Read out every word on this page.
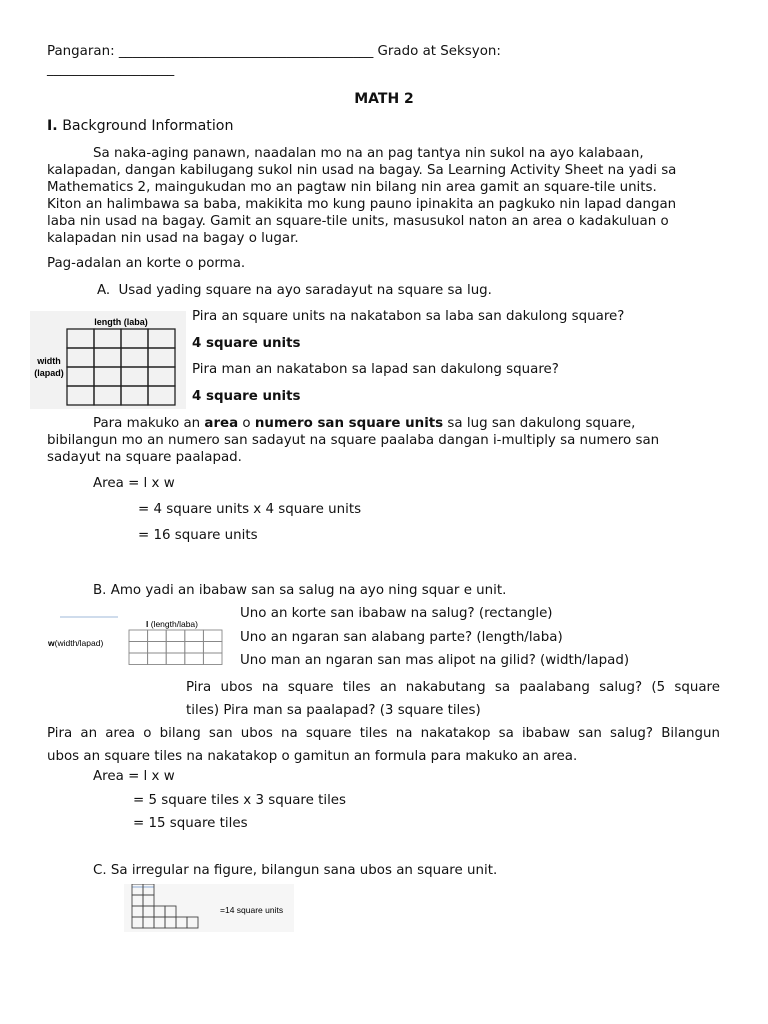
Pangaran: ______________________________________ Grado at Seksyon:
___________________
MATH 2
I. Background Information
Sa naka-aging panawn, naadalan mo na an pag tantya nin sukol na ayo kalabaan,
kalapadan, dangan kabilugang sukol nin usad na bagay. Sa Learning Activity Sheet na yadi sa
Mathematics 2, maingukudan mo an pagtaw nin bilang nin area gamit an square-tile units.
Kiton an halimbawa sa baba, makikita mo kung pauno ipinakita an pagkuko nin lapad dangan
laba nin usad na bagay. Gamit an square-tile units, masusukol naton an area o kadakuluan o
kalapadan nin usad na bagay o lugar.
Pag-adalan an korte o porma.
A. Usad yading square na ayo saradayut na square sa lug.
length (laba)
width
(lapad)
Pira an square units na nakatabon sa laba san dakulong square?
4 square units
Pira man an nakatabon sa lapad san dakulong square?
4 square units
Para makuko an area o numero san square units sa lug san dakulong square,
bibilangun mo an numero san sadayut na square paalaba dangan i-multiply sa numero san
sadayut na square paalapad.
Area = l x w
= 4 square units x 4 square units
= 16 square units
B. Amo yadi an ibabaw san sa salug na ayo ning squar e unit.
l (length/laba)
w(width/lapad)
Uno an korte san ibabaw na salug? (rectangle)
Uno an ngaran san alabang parte? (length/laba)
Uno man an ngaran san mas alipot na gilid? (width/lapad)
Pira ubos na square tiles an nakabutang sa paalabang salug? (5 square
tiles) Pira man sa paalapad? (3 square tiles)
Pira an area o bilang san ubos na square tiles na nakatakop sa ibabaw san salug? Bilangun
ubos an square tiles na nakatakop o gamitun an formula para makuko an area.
Area = l x w
= 5 square tiles x 3 square tiles
= 15 square tiles
C. Sa irregular na figure, bilangun sana ubos an square unit.
=14 square units
